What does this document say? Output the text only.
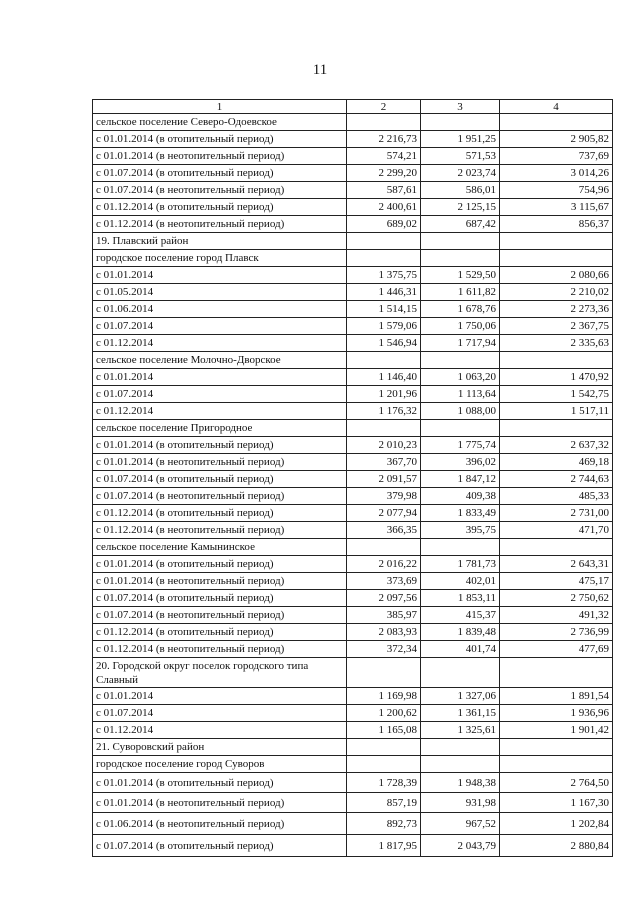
11
1	2	3	4
сельское поселение Северо-Одоевское			
с 01.01.2014 (в отопительный период)	2 216,73	1 951,25	2 905,82
с 01.01.2014 (в неотопительный период)	574,21	571,53	737,69
с 01.07.2014 (в отопительный период)	2 299,20	2 023,74	3 014,26
с 01.07.2014 (в неотопительный период)	587,61	586,01	754,96
с 01.12.2014 (в отопительный период)	2 400,61	2 125,15	3 115,67
с 01.12.2014 (в неотопительный период)	689,02	687,42	856,37
19. Плавский район			
городское поселение город Плавск			
с 01.01.2014	1 375,75	1 529,50	2 080,66
с 01.05.2014	1 446,31	1 611,82	2 210,02
с 01.06.2014	1 514,15	1 678,76	2 273,36
с 01.07.2014	1 579,06	1 750,06	2 367,75
с 01.12.2014	1 546,94	1 717,94	2 335,63
сельское поселение Молочно-Дворское			
с 01.01.2014	1 146,40	1 063,20	1 470,92
с 01.07.2014	1 201,96	1 113,64	1 542,75
с 01.12.2014	1 176,32	1 088,00	1 517,11
сельское поселение Пригородное			
с 01.01.2014 (в отопительный период)	2 010,23	1 775,74	2 637,32
с 01.01.2014 (в неотопительный период)	367,70	396,02	469,18
с 01.07.2014 (в отопительный период)	2 091,57	1 847,12	2 744,63
с 01.07.2014 (в неотопительный период)	379,98	409,38	485,33
с 01.12.2014 (в отопительный период)	2 077,94	1 833,49	2 731,00
с 01.12.2014 (в неотопительный период)	366,35	395,75	471,70
сельское поселение Камынинское			
с 01.01.2014 (в отопительный период)	2 016,22	1 781,73	2 643,31
с 01.01.2014 (в неотопительный период)	373,69	402,01	475,17
с 01.07.2014 (в отопительный период)	2 097,56	1 853,11	2 750,62
с 01.07.2014 (в неотопительный период)	385,97	415,37	491,32
с 01.12.2014 (в отопительный период)	2 083,93	1 839,48	2 736,99
с 01.12.2014 (в неотопительный период)	372,34	401,74	477,69
20. Городской округ поселок городского типа Славный			
с 01.01.2014	1 169,98	1 327,06	1 891,54
с 01.07.2014	1 200,62	1 361,15	1 936,96
с 01.12.2014	1 165,08	1 325,61	1 901,42
21. Суворовский район			
городское поселение город Суворов			
с 01.01.2014 (в отопительный период)	1 728,39	1 948,38	2 764,50
с 01.01.2014 (в неотопительный период)	857,19	931,98	1 167,30
с 01.06.2014 (в неотопительный период)	892,73	967,52	1 202,84
с 01.07.2014 (в отопительный период)	1 817,95	2 043,79	2 880,84
